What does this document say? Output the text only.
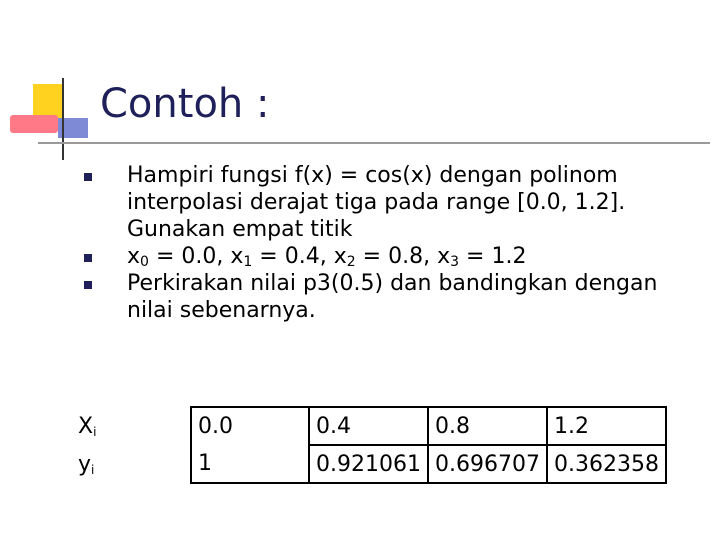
Contoh :
Hampiri fungsi f(x) = cos(x) dengan polinom interpolasi derajat tiga pada range [0.0, 1.2]. Gunakan empat titik
$x_0 = 0.0$, $x_1 = 0.4$, $x_2 = 0.8$, $x_3 = 1.2$
Perkirakan nilai p3(0.5) dan bandingkan dengan nilai sebenarnya.
$X_i$	0.0	0.4	0.8	1.2
$y_i$	1	0.921061	0.696707	0.362358
